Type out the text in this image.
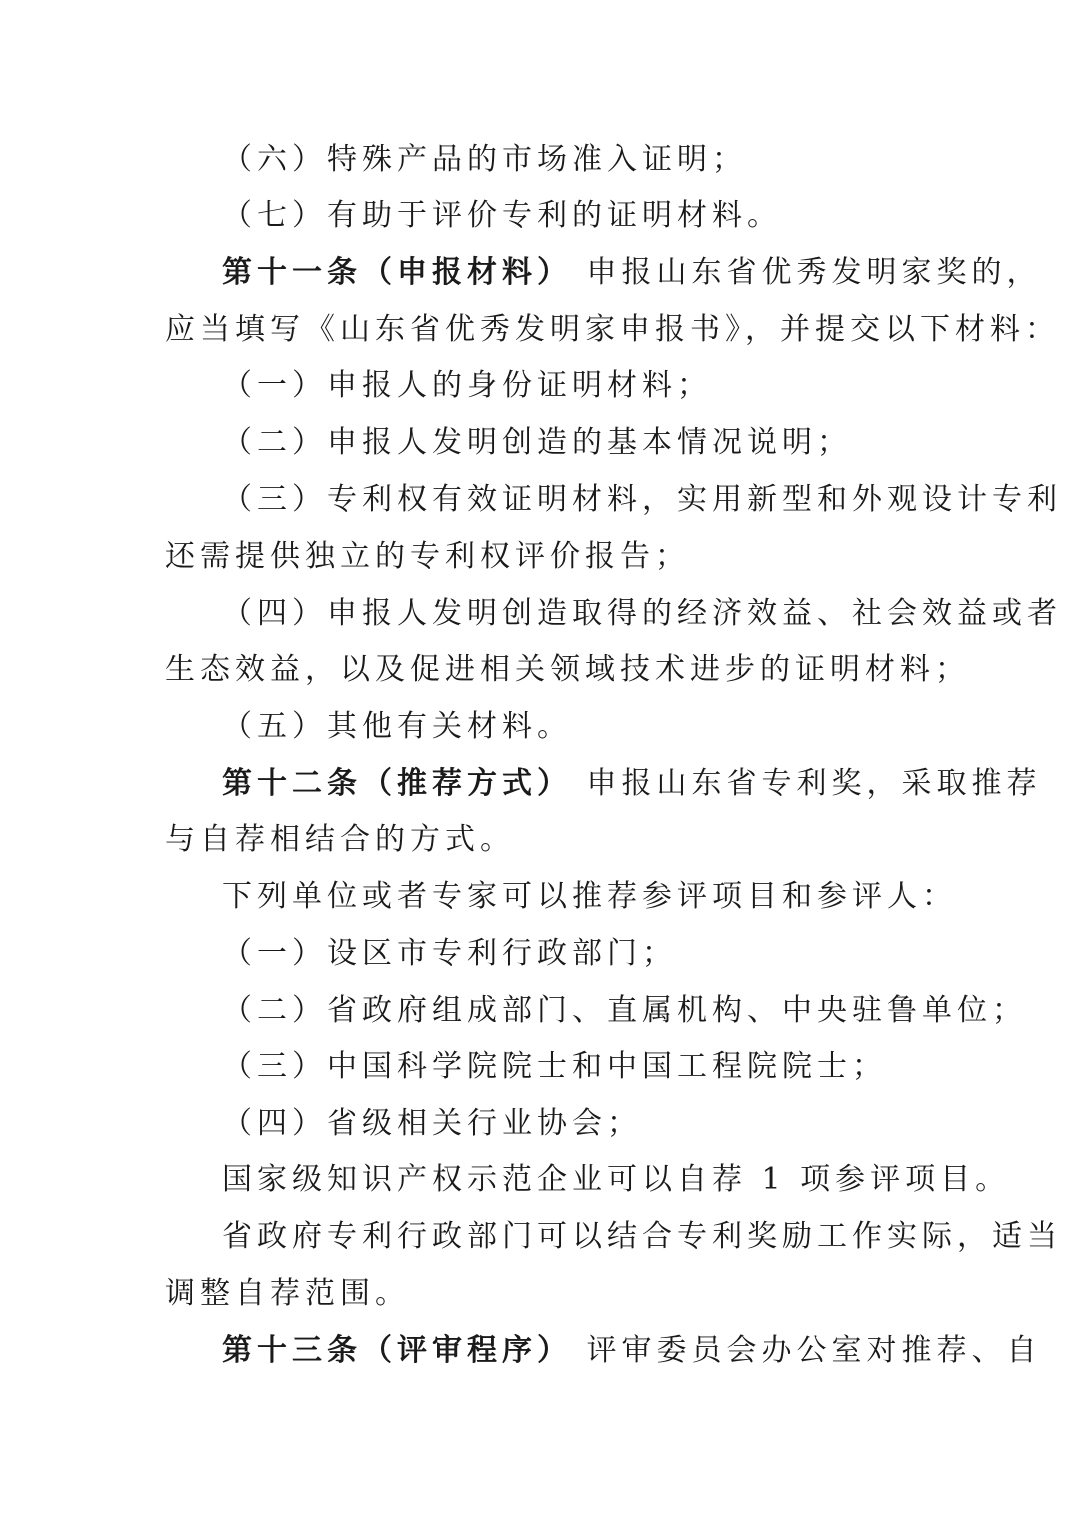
（六）特殊产品的市场准入证明；
（七）有助于评价专利的证明材料。
第十一条（申报材料） 申报山东省优秀发明家奖的，
应当填写《山东省优秀发明家申报书》，并提交以下材料：
（一）申报人的身份证明材料；
（二）申报人发明创造的基本情况说明；
（三）专利权有效证明材料，实用新型和外观设计专利
还需提供独立的专利权评价报告；
（四）申报人发明创造取得的经济效益、社会效益或者
生态效益，以及促进相关领域技术进步的证明材料；
（五）其他有关材料。
第十二条（推荐方式） 申报山东省专利奖，采取推荐
与自荐相结合的方式。
下列单位或者专家可以推荐参评项目和参评人：
（一）设区市专利行政部门；
（二）省政府组成部门、直属机构、中央驻鲁单位；
（三）中国科学院院士和中国工程院院士；
（四）省级相关行业协会；
国家级知识产权示范企业可以自荐 1 项参评项目。
省政府专利行政部门可以结合专利奖励工作实际，适当
调整自荐范围。
第十三条（评审程序） 评审委员会办公室对推荐、自
